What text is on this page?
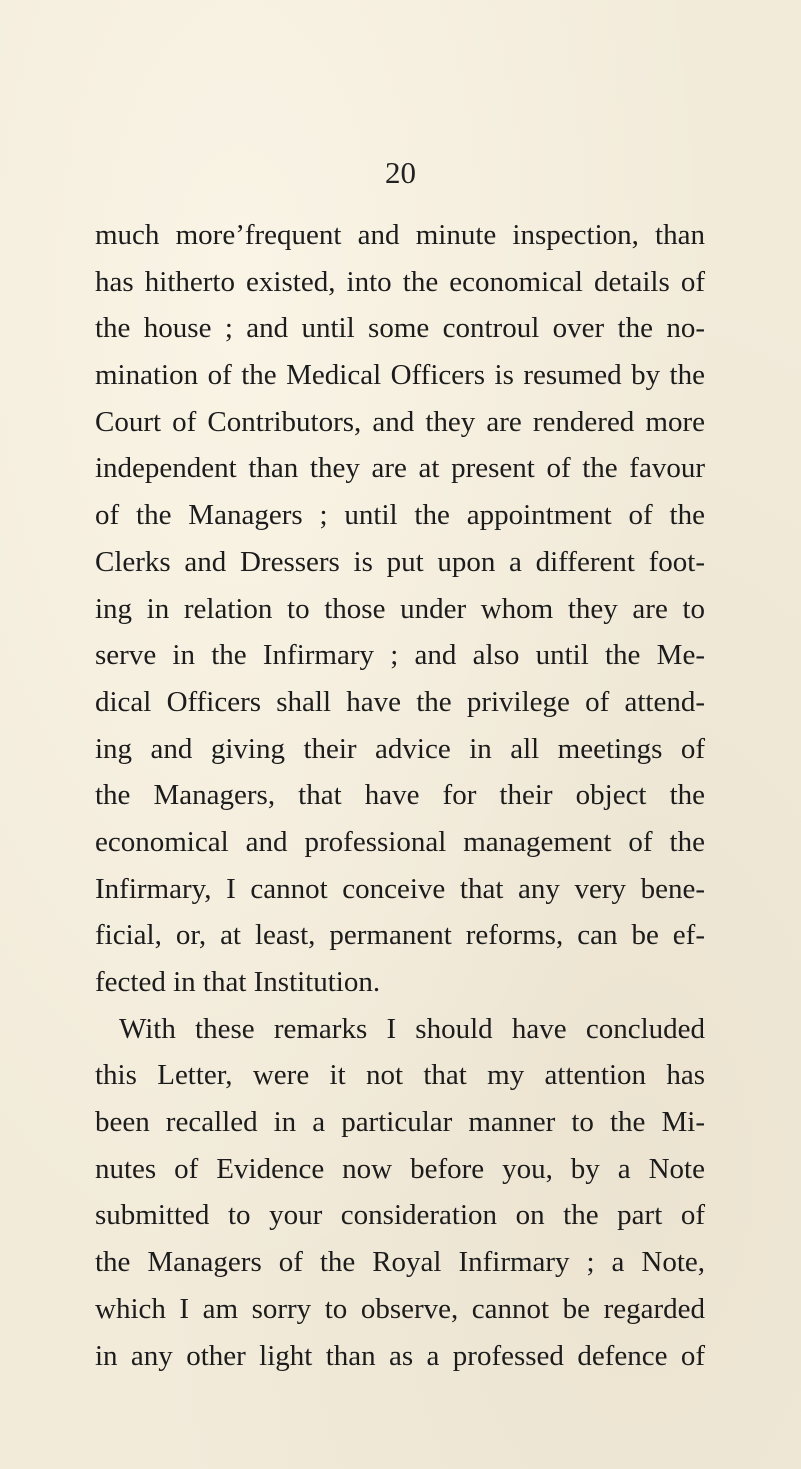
20
much more’frequent and minute inspection, than
has hitherto existed, into the economical details of
the house ; and until some controul over the no-
mination of the Medical Officers is resumed by the
Court of Contributors, and they are rendered more
independent than they are at present of the favour
of the Managers ; until the appointment of the
Clerks and Dressers is put upon a different foot-
ing in relation to those under whom they are to
serve in the Infirmary ; and also until the Me-
dical Officers shall have the privilege of attend-
ing and giving their advice in all meetings of
the Managers, that have for their object the
economical and professional management of the
Infirmary, I cannot conceive that any very bene-
ficial, or, at least, permanent reforms, can be ef-
fected in that Institution.
With these remarks I should have concluded
this Letter, were it not that my attention has
been recalled in a particular manner to the Mi-
nutes of Evidence now before you, by a Note
submitted to your consideration on the part of
the Managers of the Royal Infirmary ; a Note,
which I am sorry to observe, cannot be regarded
in any other light than as a professed defence of
